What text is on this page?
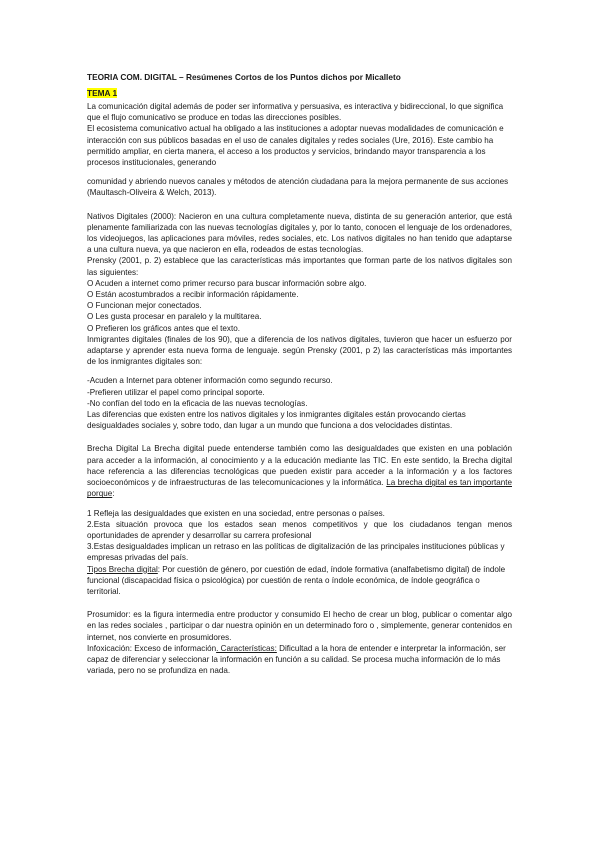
TEORIA COM. DIGITAL – Resúmenes Cortos de los Puntos dichos por Micalleto

TEMA 1

La comunicación digital además de poder ser informativa y persuasiva, es interactiva y bidireccional, lo que significa que el flujo comunicativo se produce en todas las direcciones posibles.

El ecosistema comunicativo actual ha obligado a las instituciones a adoptar nuevas modalidades de comunicación e interacción con sus públicos basadas en el uso de canales digitales y redes sociales (Ure, 2016). Este cambio ha permitido ampliar, en cierta manera, el acceso a los productos y servicios, brindando mayor transparencia a los procesos institucionales, generando

comunidad y abriendo nuevos canales y métodos de atención ciudadana para la mejora permanente de sus acciones (Maultasch-Oliveira & Welch, 2013).

Nativos Digitales (2000): Nacieron en una cultura completamente nueva, distinta de su generación anterior, que está plenamente familiarizada con las nuevas tecnologías digitales y, por lo tanto, conocen el lenguaje de los ordenadores, los videojuegos, las aplicaciones para móviles, redes sociales, etc. Los nativos digitales no han tenido que adaptarse a una cultura nueva, ya que nacieron en ella, rodeados de estas tecnologías.

Prensky (2001, p. 2) establece que las características más importantes que forman parte de los nativos digitales son las siguientes:

O Acuden a internet como primer recurso para buscar información sobre algo.

O Están acostumbrados a recibir información rápidamente.

O Funcionan mejor conectados.

O Les gusta procesar en paralelo y la multitarea.

O Prefieren los gráficos antes que el texto.

Inmigrantes digitales (finales de los 90), que a diferencia de los nativos digitales, tuvieron que hacer un esfuerzo por adaptarse y aprender esta nueva forma de lenguaje. según Prensky (2001, p 2) las características más importantes de los inmigrantes digitales son:

-Acuden a Internet para obtener información como segundo recurso.

-Prefieren utilizar el papel como principal soporte.

-No confían del todo en la eficacia de las nuevas tecnologías.

Las diferencias que existen entre los nativos digitales y los inmigrantes digitales están provocando ciertas desigualdades sociales y, sobre todo, dan lugar a un mundo que funciona a dos velocidades distintas.

Brecha Digital La Brecha digital puede entenderse también como las desigualdades que existen en una población para acceder a la información, al conocimiento y a la educación mediante las TIC. En este sentido, la Brecha digital hace referencia a las diferencias tecnológicas que pueden existir para acceder a la información y a los factores socioeconómicos y de infraestructuras de las telecomunicaciones y la informática. La brecha digital es tan importante porque:

1 Refleja las desigualdades que existen en una sociedad, entre personas o países.

2.Esta situación provoca que los estados sean menos competitivos y que los ciudadanos tengan menos oportunidades de aprender y desarrollar su carrera profesional

3.Estas desigualdades implican un retraso en las políticas de digitalización de las principales instituciones públicas y empresas privadas del país.

Tipos Brecha digital: Por cuestión de género, por cuestión de edad, índole formativa (analfabetismo digital) de índole funcional (discapacidad física o psicológica) por cuestión de renta o índole económica, de índole geográfica o territorial.

Prosumidor: es la figura intermedia entre productor y consumido El hecho de crear un blog, publicar o comentar algo en las redes sociales , participar o dar nuestra opinión en un determinado foro o , simplemente, generar contenidos en internet, nos convierte en prosumidores.

Infoxicación: Exceso de información. Características: Dificultad a la hora de entender e interpretar la información, ser capaz de diferenciar y seleccionar la información en función a su calidad. Se procesa mucha información de lo más variada, pero no se profundiza en nada.
